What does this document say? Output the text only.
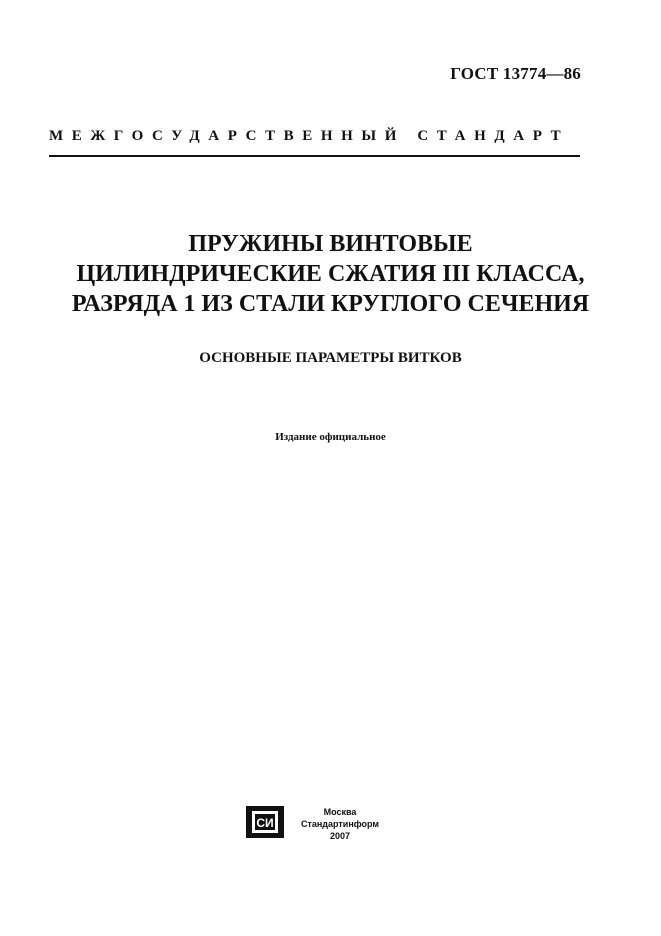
ГОСТ 13774—86
МЕЖГОСУДАРСТВЕННЫЙ СТАНДАРТ
ПРУЖИНЫ ВИНТОВЫЕ
ЦИЛИНДРИЧЕСКИЕ СЖАТИЯ III КЛАССА,
РАЗРЯДА 1 ИЗ СТАЛИ КРУГЛОГО СЕЧЕНИЯ
ОСНОВНЫЕ ПАРАМЕТРЫ ВИТКОВ
Издание официальное
СИ
Москва
Стандартинформ
2007
